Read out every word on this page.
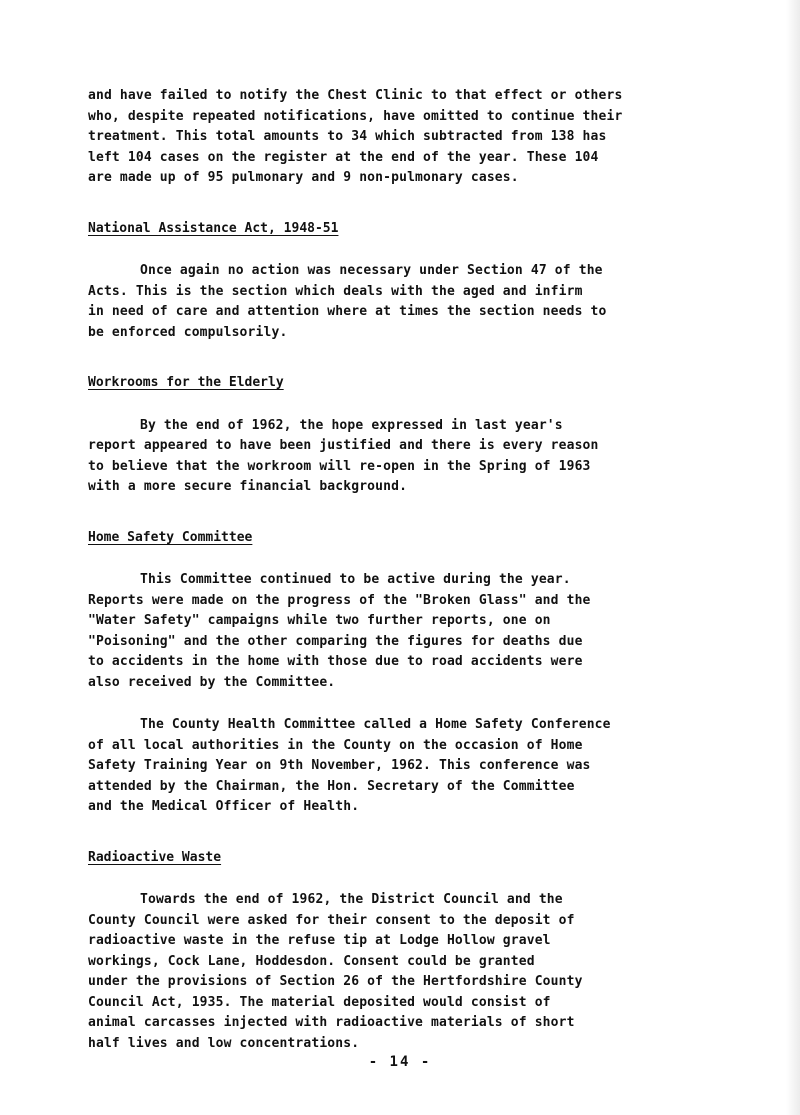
and have failed to notify the Chest Clinic to that effect or others
who, despite repeated notifications, have omitted to continue their
treatment. This total amounts to 34 which subtracted from 138 has
left 104 cases on the register at the end of the year. These 104
are made up of 95 pulmonary and 9 non-pulmonary cases.

National Assistance Act, 1948-51

Once again no action was necessary under Section 47 of the
Acts. This is the section which deals with the aged and infirm
in need of care and attention where at times the section needs to
be enforced compulsorily.

Workrooms for the Elderly

By the end of 1962, the hope expressed in last year's
report appeared to have been justified and there is every reason
to believe that the workroom will re-open in the Spring of 1963
with a more secure financial background.

Home Safety Committee

This Committee continued to be active during the year.
Reports were made on the progress of the "Broken Glass" and the
"Water Safety" campaigns while two further reports, one on
"Poisoning" and the other comparing the figures for deaths due
to accidents in the home with those due to road accidents were
also received by the Committee.

The County Health Committee called a Home Safety Conference
of all local authorities in the County on the occasion of Home
Safety Training Year on 9th November, 1962. This conference was
attended by the Chairman, the Hon. Secretary of the Committee
and the Medical Officer of Health.

Radioactive Waste

Towards the end of 1962, the District Council and the
County Council were asked for their consent to the deposit of
radioactive waste in the refuse tip at Lodge Hollow gravel
workings, Cock Lane, Hoddesdon. Consent could be granted
under the provisions of Section 26 of the Hertfordshire County
Council Act, 1935. The material deposited would consist of
animal carcasses injected with radioactive materials of short
half lives and low concentrations.

- 14 -
